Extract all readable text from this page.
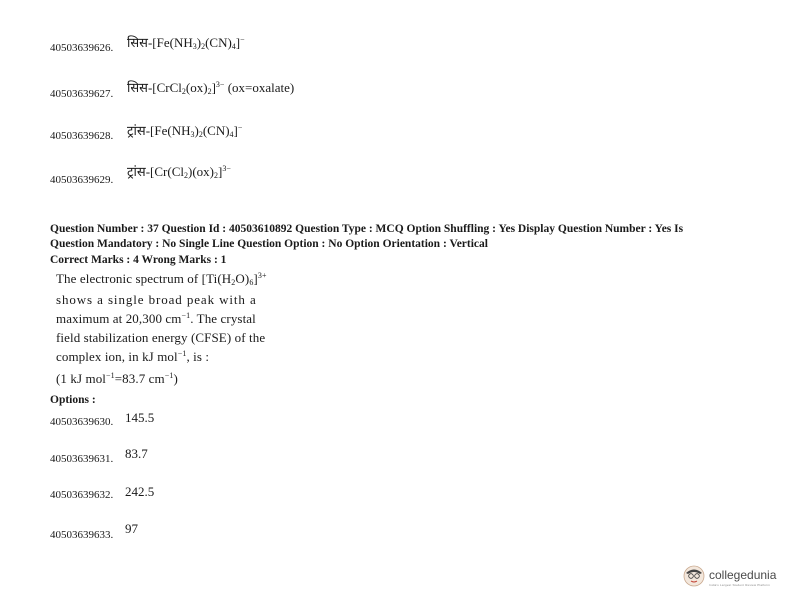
40503639626. $सिस-[Fe(NH_3)_2(CN)_4]^-$
40503639627. $सिस-[CrCl_2(ox)_2]^{3-}$ (ox=oxalate)
40503639628. $ट्रांस-[Fe(NH_3)_2(CN)_4]^-$
40503639629.
$ट्रांस-[Cr(Cl_2)(ox)_2]^{3-}$
Question Number : 37 Question Id : 40503610892 Question Type : MCQ Option Shuffling : Yes Display Question Number : Yes Is
Question Mandatory : No Single Line Question Option : No Option Orientation : Vertical
Correct Marks : 4 Wrong Marks : 1
The electronic spectrum of $[Ti(H_2O)_6]^{3+}$
shows a single broad peak with a
maximum at 20,300 $cm^{-1}$. The crystal
field stabilization energy (CFSE) of the
complex ion, in kJ mol$^{-1}$, is :
(1 kJ mol$^{-1}$=83.7 $cm^{-1}$)
Options :
40503639630. 145.5
40503639631. 83.7
40503639632. 242.5
40503639633. 97
collegedunia
India's Largest Student Review Platform
